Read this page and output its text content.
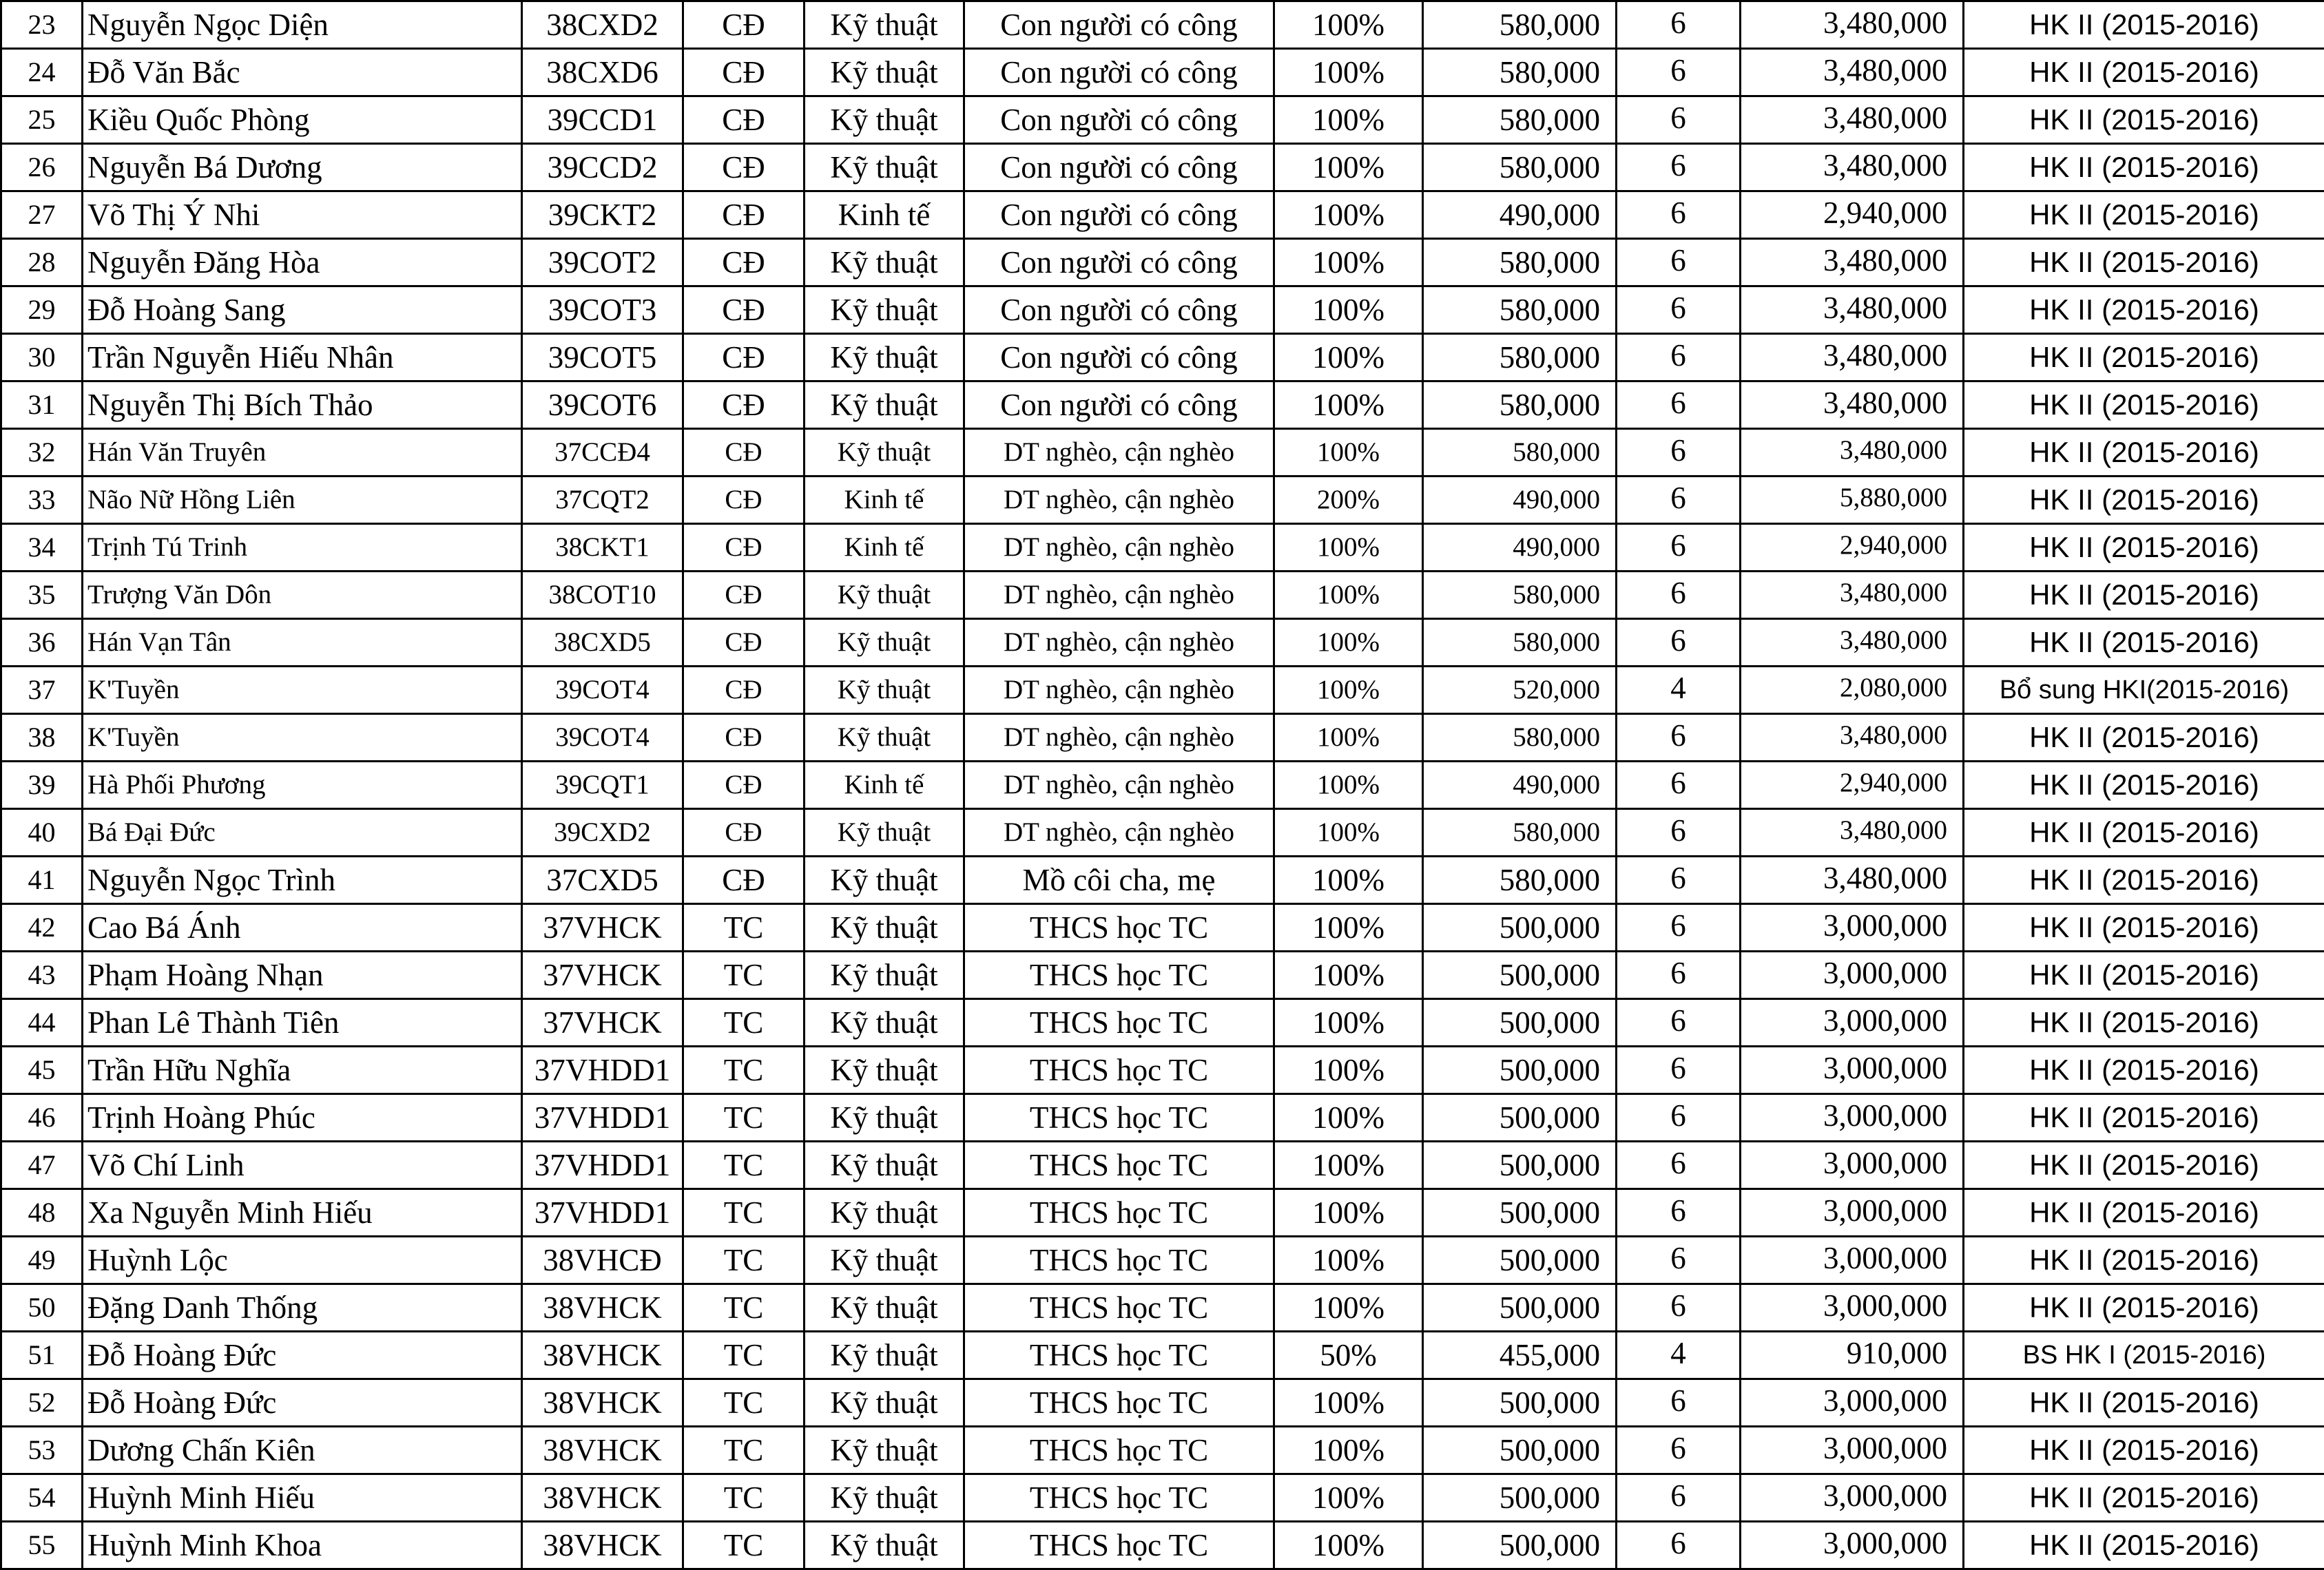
23	Nguyễn Ngọc Diện	38CXD2	CĐ	Kỹ thuật	Con người có công	100%	580,000	6	3,480,000	HK II (2015-2016)
24	Đỗ Văn Bắc	38CXD6	CĐ	Kỹ thuật	Con người có công	100%	580,000	6	3,480,000	HK II (2015-2016)
25	Kiều Quốc Phòng	39CCD1	CĐ	Kỹ thuật	Con người có công	100%	580,000	6	3,480,000	HK II (2015-2016)
26	Nguyễn Bá Dương	39CCD2	CĐ	Kỹ thuật	Con người có công	100%	580,000	6	3,480,000	HK II (2015-2016)
27	Võ Thị Ý Nhi	39CKT2	CĐ	Kinh tế	Con người có công	100%	490,000	6	2,940,000	HK II (2015-2016)
28	Nguyễn Đăng Hòa	39COT2	CĐ	Kỹ thuật	Con người có công	100%	580,000	6	3,480,000	HK II (2015-2016)
29	Đỗ Hoàng Sang	39COT3	CĐ	Kỹ thuật	Con người có công	100%	580,000	6	3,480,000	HK II (2015-2016)
30	Trần Nguyễn Hiếu Nhân	39COT5	CĐ	Kỹ thuật	Con người có công	100%	580,000	6	3,480,000	HK II (2015-2016)
31	Nguyễn Thị Bích Thảo	39COT6	CĐ	Kỹ thuật	Con người có công	100%	580,000	6	3,480,000	HK II (2015-2016)
32	Hán Văn Truyên	37CCĐ4	CĐ	Kỹ thuật	DT nghèo, cận nghèo	100%	580,000	6	3,480,000	HK II (2015-2016)
33	Não Nữ Hồng Liên	37CQT2	CĐ	Kinh tế	DT nghèo, cận nghèo	200%	490,000	6	5,880,000	HK II (2015-2016)
34	Trịnh Tú Trinh	38CKT1	CĐ	Kinh tế	DT nghèo, cận nghèo	100%	490,000	6	2,940,000	HK II (2015-2016)
35	Trượng Văn Dôn	38COT10	CĐ	Kỹ thuật	DT nghèo, cận nghèo	100%	580,000	6	3,480,000	HK II (2015-2016)
36	Hán Vạn Tân	38CXD5	CĐ	Kỹ thuật	DT nghèo, cận nghèo	100%	580,000	6	3,480,000	HK II (2015-2016)
37	K'Tuyền	39COT4	CĐ	Kỹ thuật	DT nghèo, cận nghèo	100%	520,000	4	2,080,000	Bổ sung HKI(2015-2016)
38	K'Tuyền	39COT4	CĐ	Kỹ thuật	DT nghèo, cận nghèo	100%	580,000	6	3,480,000	HK II (2015-2016)
39	Hà Phối Phương	39CQT1	CĐ	Kinh tế	DT nghèo, cận nghèo	100%	490,000	6	2,940,000	HK II (2015-2016)
40	Bá Đại Đức	39CXD2	CĐ	Kỹ thuật	DT nghèo, cận nghèo	100%	580,000	6	3,480,000	HK II (2015-2016)
41	Nguyễn Ngọc Trình	37CXD5	CĐ	Kỹ thuật	Mồ côi cha, mẹ	100%	580,000	6	3,480,000	HK II (2015-2016)
42	Cao Bá Ánh	37VHCK	TC	Kỹ thuật	THCS học TC	100%	500,000	6	3,000,000	HK II (2015-2016)
43	Phạm Hoàng Nhạn	37VHCK	TC	Kỹ thuật	THCS học TC	100%	500,000	6	3,000,000	HK II (2015-2016)
44	Phan Lê Thành Tiên	37VHCK	TC	Kỹ thuật	THCS học TC	100%	500,000	6	3,000,000	HK II (2015-2016)
45	Trần Hữu Nghĩa	37VHDD1	TC	Kỹ thuật	THCS học TC	100%	500,000	6	3,000,000	HK II (2015-2016)
46	Trịnh Hoàng Phúc	37VHDD1	TC	Kỹ thuật	THCS học TC	100%	500,000	6	3,000,000	HK II (2015-2016)
47	Võ Chí Linh	37VHDD1	TC	Kỹ thuật	THCS học TC	100%	500,000	6	3,000,000	HK II (2015-2016)
48	Xa Nguyễn Minh Hiếu	37VHDD1	TC	Kỹ thuật	THCS học TC	100%	500,000	6	3,000,000	HK II (2015-2016)
49	Huỳnh Lộc	38VHCĐ	TC	Kỹ thuật	THCS học TC	100%	500,000	6	3,000,000	HK II (2015-2016)
50	Đặng Danh Thống	38VHCK	TC	Kỹ thuật	THCS học TC	100%	500,000	6	3,000,000	HK II (2015-2016)
51	Đỗ Hoàng Đức	38VHCK	TC	Kỹ thuật	THCS học TC	50%	455,000	4	910,000	BS HK I (2015-2016)
52	Đỗ Hoàng Đức	38VHCK	TC	Kỹ thuật	THCS học TC	100%	500,000	6	3,000,000	HK II (2015-2016)
53	Dương Chấn Kiên	38VHCK	TC	Kỹ thuật	THCS học TC	100%	500,000	6	3,000,000	HK II (2015-2016)
54	Huỳnh Minh Hiếu	38VHCK	TC	Kỹ thuật	THCS học TC	100%	500,000	6	3,000,000	HK II (2015-2016)
55	Huỳnh Minh Khoa	38VHCK	TC	Kỹ thuật	THCS học TC	100%	500,000	6	3,000,000	HK II (2015-2016)
